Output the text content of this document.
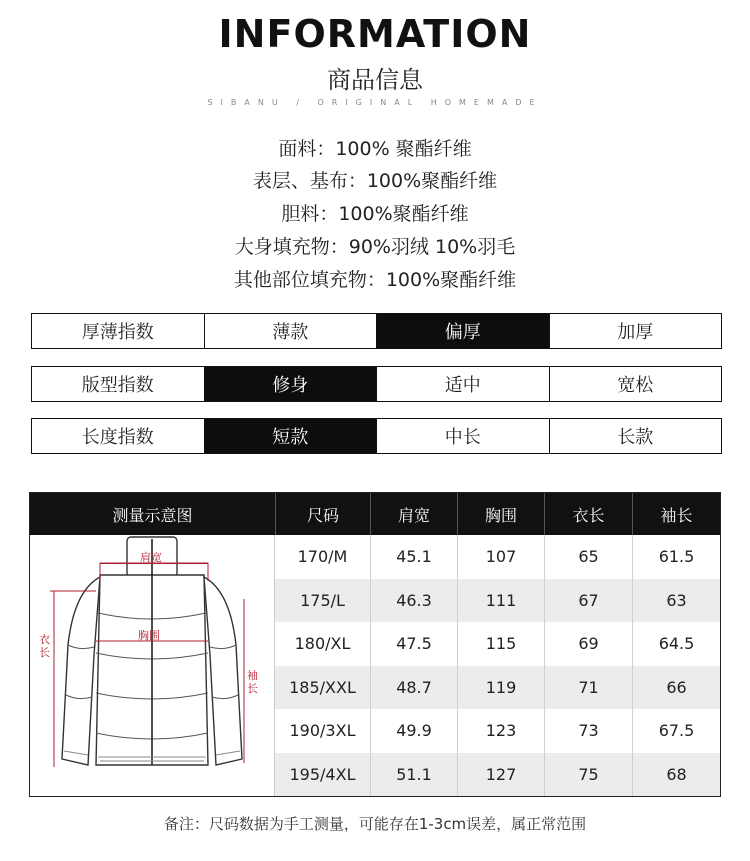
INFORMATION
商品信息
SIBANU / ORIGINAL HOMEMADE
面料：100% 聚酯纤维
表层、基布：100%聚酯纤维
胆料：100%聚酯纤维
大身填充物：90%羽绒 10%羽毛
其他部位填充物：100%聚酯纤维
厚薄指数	薄款	偏厚	加厚
版型指数	修身	适中	宽松
长度指数	短款	中长	长款
测量示意图	尺码	肩宽	胸围	衣长	袖长
肩宽
胸围
衣长
袖长
170/M	45.1	107	65	61.5
175/L	46.3	111	67	63
180/XL	47.5	115	69	64.5
185/XXL	48.7	119	71	66
190/3XL	49.9	123	73	67.5
195/4XL	51.1	127	75	68
备注：尺码数据为手工测量，可能存在1-3cm误差，属正常范围
